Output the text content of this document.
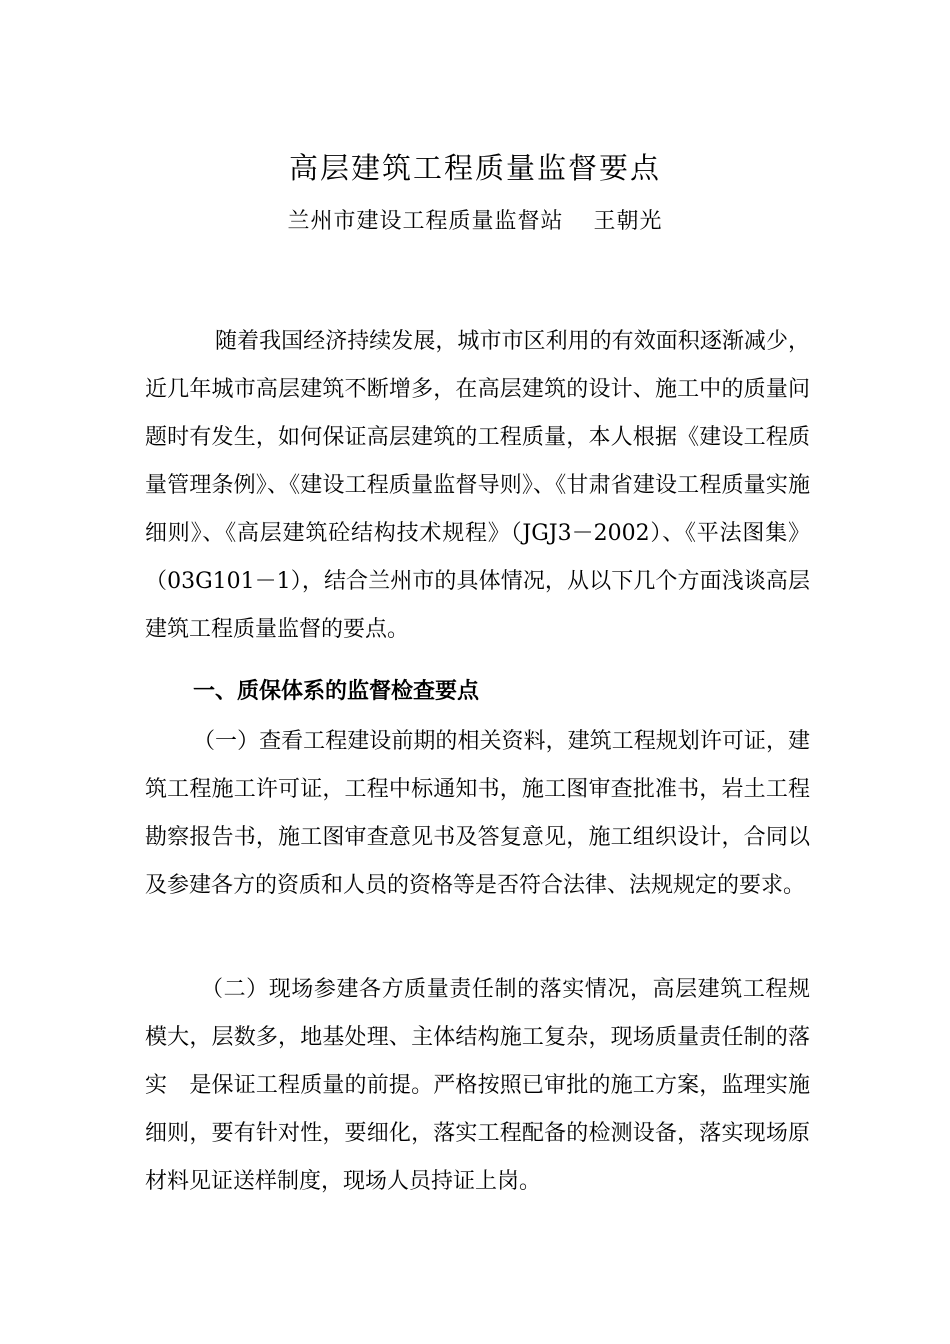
高层建筑工程质量监督要点
兰州市建设工程质量监督站 王朝光

随着我国经济持续发展，城市市区利用的有效面积逐渐减少，近几年城市高层建筑不断增多，在高层建筑的设计、施工中的质量问题时有发生，如何保证高层建筑的工程质量，本人根据《建设工程质量管理条例》、《建设工程质量监督导则》、《甘肃省建设工程质量实施细则》、《高层建筑砼结构技术规程》（JGJ3－2002）、《平法图集》（03G101－1），结合兰州市的具体情况，从以下几个方面浅谈高层建筑工程质量监督的要点。

一、质保体系的监督检查要点

（一）查看工程建设前期的相关资料，建筑工程规划许可证，建筑工程施工许可证，工程中标通知书，施工图审查批准书，岩土工程勘察报告书，施工图审查意见书及答复意见，施工组织设计，合同以及参建各方的资质和人员的资格等是否符合法律、法规规定的要求。

（二）现场参建各方质量责任制的落实情况，高层建筑工程规模大，层数多，地基处理、主体结构施工复杂，现场质量责任制的落实　是保证工程质量的前提。严格按照已审批的施工方案，监理实施细则，要有针对性，要细化，落实工程配备的检测设备，落实现场原材料见证送样制度，现场人员持证上岗。
